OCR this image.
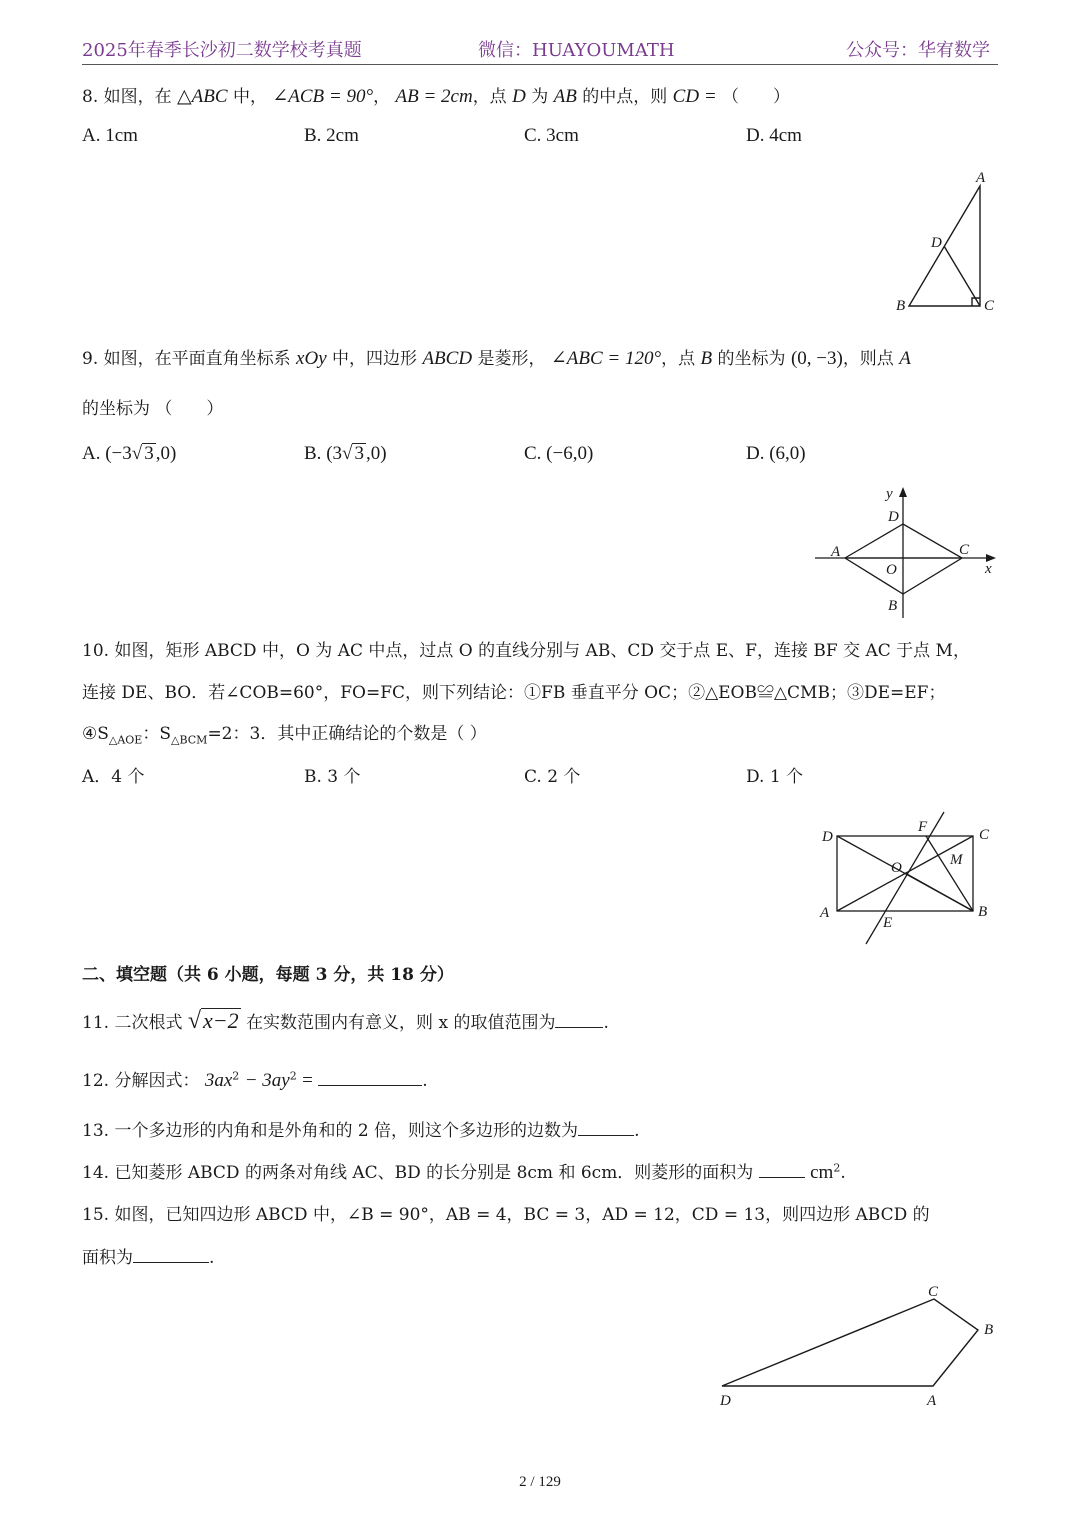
2025年春季长沙初二数学校考真题	微信：HUAYOUMATH	公众号：华宥数学
8. 如图，在 △ABC 中， ∠ACB = 90°， AB = 2cm，点 D 为 AB 的中点，则 CD = （　　）
A. 1cm	B. 2cm	C. 3cm	D. 4cm
A
B	C
D
9. 如图，在平面直角坐标系 xOy 中，四边形 ABCD 是菱形， ∠ABC = 120°，点 B 的坐标为 (0, −3)，则点 A
的坐标为 （　　）
A. (−3√ 3 ,0)	B. (3√ 3 ,0)	C. (−6,0)	D. (6,0)
y
x
A	C
D
B
O
10. 如图，矩形 ABCD 中，O 为 AC 中点，过点 O 的直线分别与 AB、CD 交于点 E、F，连接 BF 交 AC 于点 M，
连接 DE、BO．若∠COB=60°，FO=FC，则下列结论：①FB 垂直平分 OC；②△EOB≌△CMB；③DE=EF；
$④S_{\triangle AOE}$：$S_{\triangle BCM}=2$：3．其中正确结论的个数是（ ）
A．4 个	B. 3 个	C. 2 个	D. 1 个
D	C
A	B
F
E
O	M
二、填空题（共 6 小题，每题 3 分，共 18 分）
11. 二次根式 √x−2 在实数范围内有意义，则 x 的取值范围为	.
12. 分解因式： $3ax^2 - 3ay^2$ =	.
13. 一个多边形的内角和是外角和的 2 倍，则这个多边形的边数为	.
14. 已知菱形 ABCD 的两条对角线 AC、BD 的长分别是 8cm 和 6cm．则菱形的面积为	$cm^2$.
15. 如图，已知四边形 ABCD 中，∠B = 90°，AB = 4，BC = 3，AD = 12，CD = 13，则四边形 ABCD 的
面积为	.
C
B
D	A
2 / 129
